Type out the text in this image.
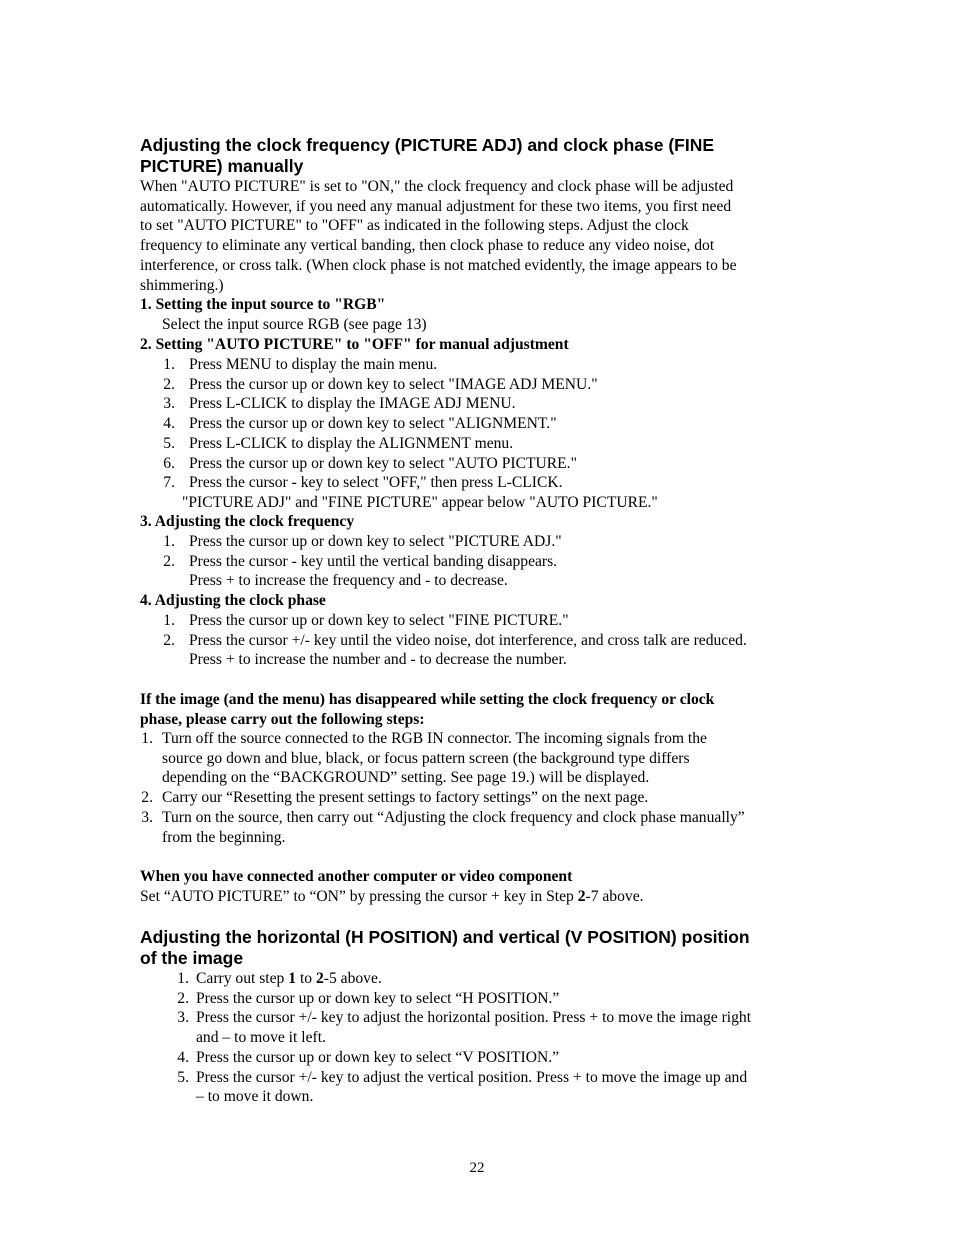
Adjusting the clock frequency (PICTURE ADJ) and clock phase (FINE
PICTURE) manually
When "AUTO PICTURE" is set to "ON," the clock frequency and clock phase will be adjusted
automatically. However, if you need any manual adjustment for these two items, you first need
to set "AUTO PICTURE" to "OFF" as indicated in the following steps. Adjust the clock
frequency to eliminate any vertical banding, then clock phase to reduce any video noise, dot
interference, or cross talk. (When clock phase is not matched evidently, the image appears to be
shimmering.)
1. Setting the input source to "RGB"
Select the input source RGB (see page 13)
2. Setting "AUTO PICTURE" to "OFF" for manual adjustment
1. Press MENU to display the main menu.
2. Press the cursor up or down key to select "IMAGE ADJ MENU."
3. Press L-CLICK to display the IMAGE ADJ MENU.
4. Press the cursor up or down key to select "ALIGNMENT."
5. Press L-CLICK to display the ALIGNMENT menu.
6. Press the cursor up or down key to select "AUTO PICTURE."
7. Press the cursor - key to select "OFF," then press L-CLICK.
"PICTURE ADJ" and "FINE PICTURE" appear below "AUTO PICTURE."
3. Adjusting the clock frequency
1. Press the cursor up or down key to select "PICTURE ADJ."
2. Press the cursor - key until the vertical banding disappears.
Press + to increase the frequency and - to decrease.
4. Adjusting the clock phase
1. Press the cursor up or down key to select "FINE PICTURE."
2. Press the cursor +/- key until the video noise, dot interference, and cross talk are reduced.
Press + to increase the number and - to decrease the number.
If the image (and the menu) has disappeared while setting the clock frequency or clock
phase, please carry out the following steps:
1. Turn off the source connected to the RGB IN connector. The incoming signals from the
source go down and blue, black, or focus pattern screen (the background type differs
depending on the “BACKGROUND” setting. See page 19.) will be displayed.
2. Carry our “Resetting the present settings to factory settings” on the next page.
3. Turn on the source, then carry out “Adjusting the clock frequency and clock phase manually”
from the beginning.
When you have connected another computer or video component
Set “AUTO PICTURE” to “ON” by pressing the cursor + key in Step 2-7 above.
Adjusting the horizontal (H POSITION) and vertical (V POSITION) position
of the image
1. Carry out step 1 to 2-5 above.
2. Press the cursor up or down key to select “H POSITION.”
3. Press the cursor +/- key to adjust the horizontal position. Press + to move the image right
and – to move it left.
4. Press the cursor up or down key to select “V POSITION.”
5. Press the cursor +/- key to adjust the vertical position. Press + to move the image up and
– to move it down.
22
